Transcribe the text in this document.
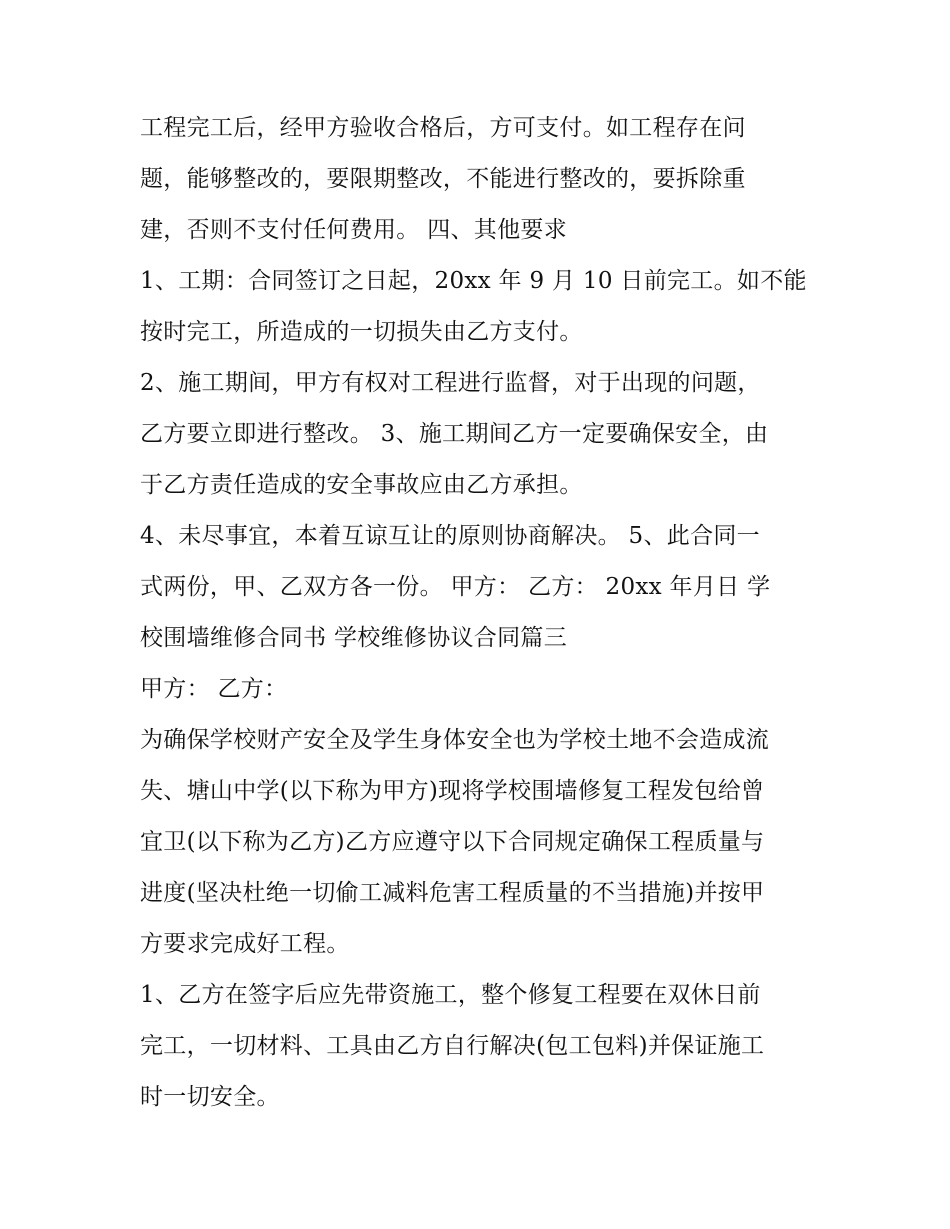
工程完工后，经甲方验收合格后，方可支付。如工程存在问
题，能够整改的，要限期整改，不能进行整改的，要拆除重
建，否则不支付任何费用。 四、其他要求

1、工期：合同签订之日起，20xx 年 9 月 10 日前完工。如不能
按时完工，所造成的一切损失由乙方支付。

2、施工期间，甲方有权对工程进行监督，对于出现的问题，
乙方要立即进行整改。 3、施工期间乙方一定要确保安全，由
于乙方责任造成的安全事故应由乙方承担。

4、未尽事宜，本着互谅互让的原则协商解决。 5、此合同一
式两份，甲、乙双方各一份。 甲方： 乙方： 20xx 年月日 学
校围墙维修合同书 学校维修协议合同篇三

甲方： 乙方：

为确保学校财产安全及学生身体安全也为学校土地不会造成流
失、塘山中学(以下称为甲方)现将学校围墙修复工程发包给曾
宜卫(以下称为乙方)乙方应遵守以下合同规定确保工程质量与
进度(坚决杜绝一切偷工减料危害工程质量的不当措施)并按甲
方要求完成好工程。

1、乙方在签字后应先带资施工，整个修复工程要在双休日前
完工，一切材料、工具由乙方自行解决(包工包料)并保证施工
时一切安全。
